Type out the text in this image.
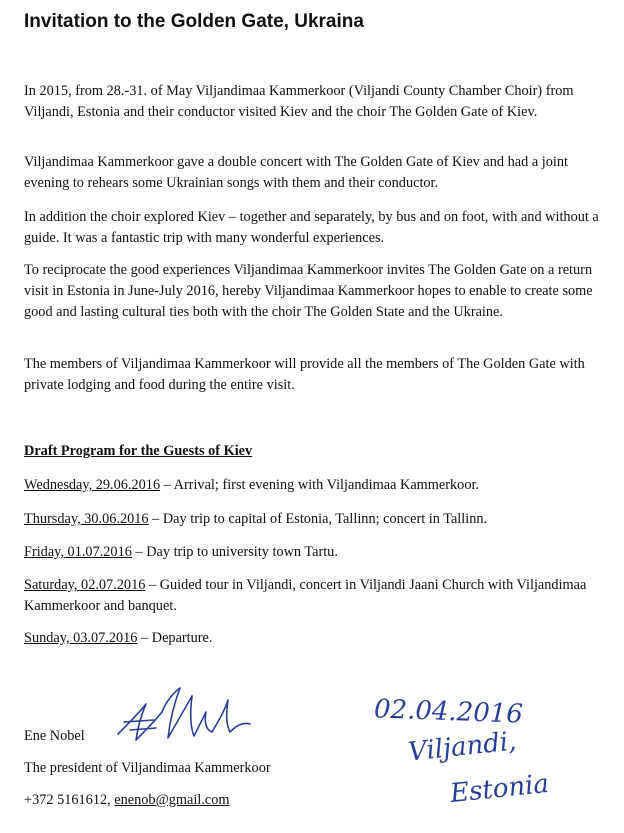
Invitation to the Golden Gate, Ukraina

In 2015, from 28.-31. of May Viljandimaa Kammerkoor (Viljandi County Chamber Choir) from Viljandi, Estonia and their conductor visited Kiev and the choir The Golden Gate of Kiev.

Viljandimaa Kammerkoor gave a double concert with The Golden Gate of Kiev and had a joint evening to rehears some Ukrainian songs with them and their conductor.

In addition the choir explored Kiev – together and separately, by bus and on foot, with and without a guide. It was a fantastic trip with many wonderful experiences.

To reciprocate the good experiences Viljandimaa Kammerkoor invites The Golden Gate on a return visit in Estonia in June-July 2016, hereby Viljandimaa Kammerkoor hopes to enable to create some good and lasting cultural ties both with the choir The Golden State and the Ukraine.

The members of Viljandimaa Kammerkoor will provide all the members of The Golden Gate with private lodging and food during the entire visit.

Draft Program for the Guests of Kiev

Wednesday, 29.06.2016 – Arrival; first evening with Viljandimaa Kammerkoor.

Thursday, 30.06.2016 – Day trip to capital of Estonia, Tallinn; concert in Tallinn.

Friday, 01.07.2016 – Day trip to university town Tartu.

Saturday, 02.07.2016 – Guided tour in Viljandi, concert in Viljandi Jaani Church with Viljandimaa Kammerkoor and banquet.

Sunday, 03.07.2016 – Departure.

Ene Nobel
The president of Viljandimaa Kammerkoor
+372 5161612, enenob@gmail.com
02.04.2016
Viljandi,
Estonia
